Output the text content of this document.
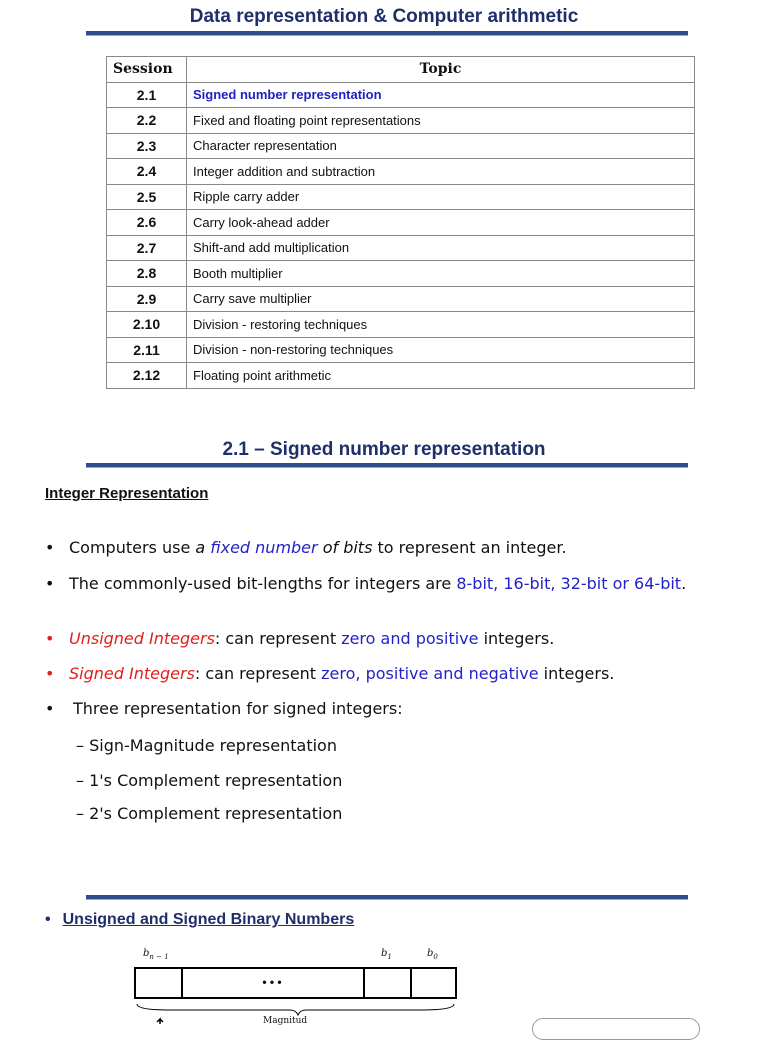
Data representation & Computer arithmetic
Session	Topic
2.1	Signed number representation
2.2	Fixed and floating point representations
2.3	Character representation
2.4	Integer addition and subtraction
2.5	Ripple carry adder
2.6	Carry look-ahead adder
2.7	Shift-and add multiplication
2.8	Booth multiplier
2.9	Carry save multiplier
2.10	Division - restoring techniques
2.11	Division - non-restoring techniques
2.12	Floating point arithmetic
2.1 – Signed number representation
Integer Representation
• Computers use a fixed number of bits to represent an integer.
• The commonly-used bit-lengths for integers are 8-bit, 16-bit, 32-bit or 64-bit.
• Unsigned Integers: can represent zero and positive integers.
• Signed Integers: can represent zero, positive and negative integers.
• Three representation for signed integers:
– Sign-Magnitude representation
– 1's Complement representation
– 2's Complement representation
• Unsigned and Signed Binary Numbers
$b_{n - 1}$	$b_1$	$b_0$
• • •
Magnitud
